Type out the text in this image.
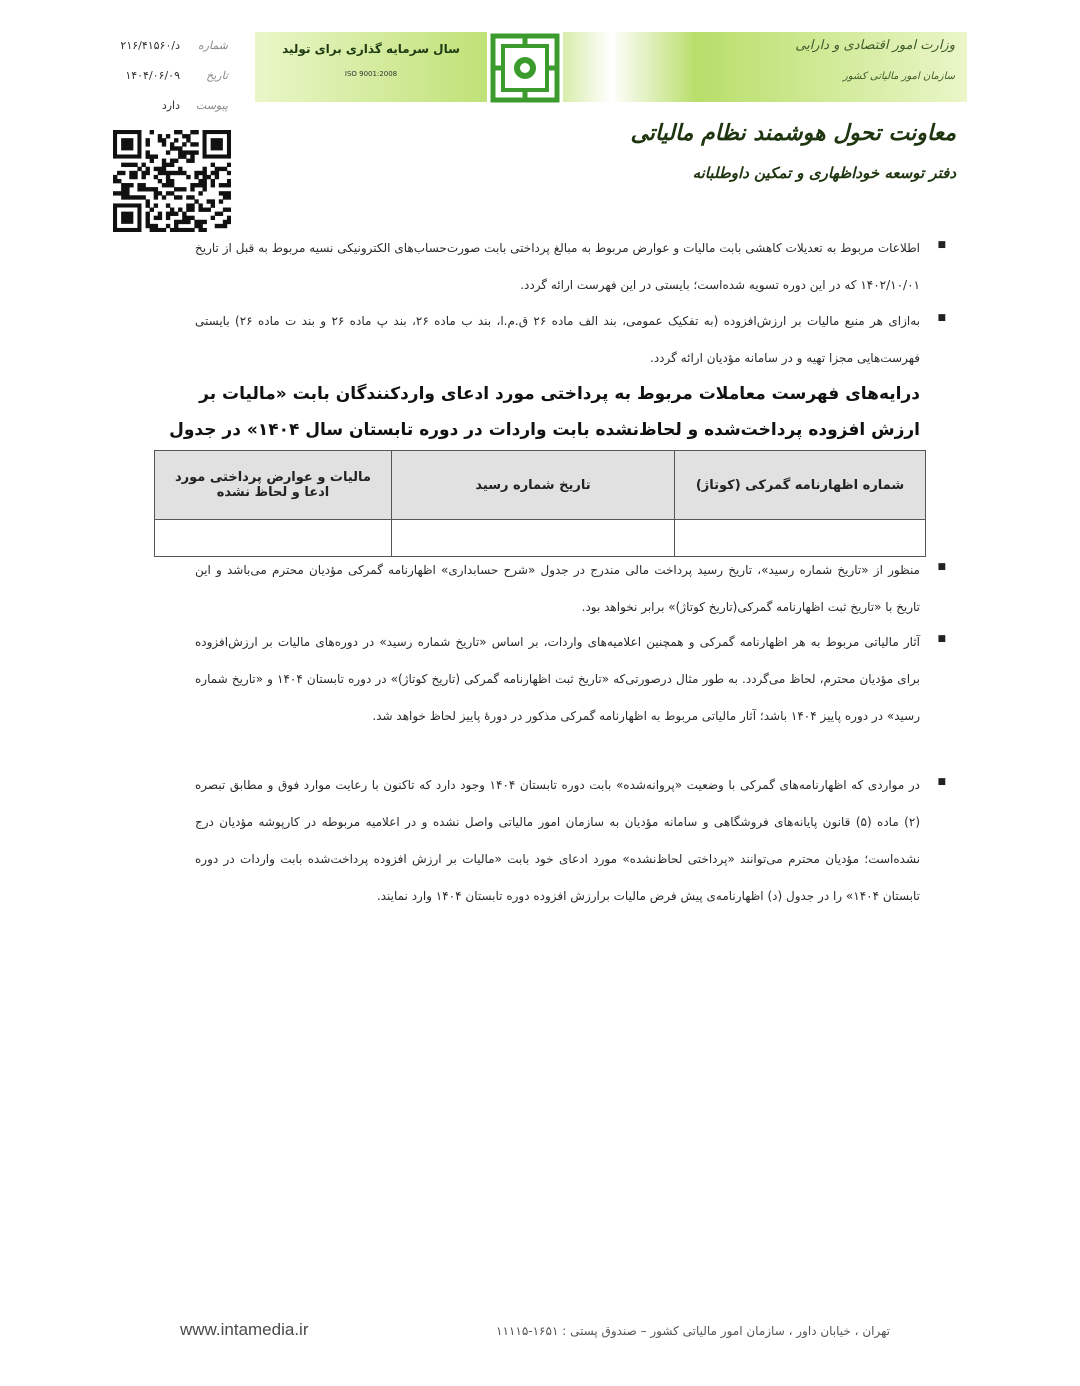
سال سرمایه گذاری برای تولید
ISO 9001:2008
وزارت امور اقتصادی و دارایی
سازمان امور مالیاتی کشور
شماره
د/۲۱۶/۴۱۵۶۰
تاریخ
۱۴۰۴/۰۶/۰۹
پیوست
دارد
معاونت تحول هوشمند نظام مالیاتی
دفتر توسعه خوداظهاری و تمکین داوطلبانه

■ اطلاعات مربوط به تعدیلات کاهشی بابت مالیات و عوارض مربوط به مبالغ پرداختی بابت صورت‌حساب‌های الکترونیکی نسیه مربوط به قبل از تاریخ ۱۴۰۲/۱۰/۰۱ که در این دوره تسویه شده‌است؛ بایستی در این فهرست ارائه گردد.

■ به‌ازای هر منبع مالیات بر ارزش‌افزوده (به تفکیک عمومی، بند الف ماده ۲۶ ق.م.ا، بند ب ماده ۲۶، بند پ ماده ۲۶ و بند ت ماده ۲۶) بایستی فهرست‌هایی مجزا تهیه و در سامانه مؤدیان ارائه گردد.

درایه‌های فهرست معاملات مربوط به پرداختی مورد ادعای واردکنندگان بابت «مالیات بر ارزش افزوده پرداخت‌شده و لحاظ‌نشده بابت واردات در دوره تابستان سال ۱۴۰۴» در جدول

شماره اظهارنامه گمرکی (کوتاژ)	تاریخ شماره رسید	مالیات و عوارض پرداختی مورد ادعا و لحاظ نشده

■ منظور از «تاریخ شماره رسید»، تاریخ رسید پرداخت مالی مندرج در جدول «شرح حسابداری» اظهارنامه گمرکی مؤدیان محترم می‌باشد و این تاریخ با «تاریخ ثبت اظهارنامه گمرکی(تاریخ کوتاژ)» برابر نخواهد بود.

■ آثار مالیاتی مربوط به هر اظهارنامه گمرکی و همچنین اعلامیه‌های واردات، بر اساس «تاریخ شماره رسید» در دوره‌های مالیات بر ارزش‌افزوده برای مؤدیان محترم، لحاظ می‌گردد. به طور مثال درصورتی‌که «تاریخ ثبت اظهارنامه گمرکی (تاریخ کوتاژ)» در دوره تابستان ۱۴۰۴ و «تاریخ شماره رسید» در دوره پاییز ۱۴۰۴ باشد؛ آثار مالیاتی مربوط به اظهارنامه گمرکی مذکور در دورهٔ پاییز لحاظ خواهد شد.

■ در مواردی که اظهارنامه‌های گمرکی با وضعیت «پروانه‌شده» بابت دوره تابستان ۱۴۰۴ وجود دارد که تاکنون با رعایت موارد فوق و مطابق تبصره (۲) ماده (۵) قانون پایانه‌های فروشگاهی و سامانه مؤدیان به سازمان امور مالیاتی واصل نشده و در اعلامیه مربوطه در کارپوشه مؤدیان درج نشده‌است؛ مؤدیان محترم می‌توانند «پرداختی لحاظ‌نشده» مورد ادعای خود بابت «مالیات بر ارزش افزوده پرداخت‌شده بابت واردات در دوره تابستان ۱۴۰۴» را در جدول (د) اظهارنامه‌ی پیش فرض مالیات برارزش افزوده دوره تابستان ۱۴۰۴ وارد نمایند.

www.intamedia.ir	تهران ، خیابان داور ، سازمان امور مالیاتی کشور – صندوق پستی : ۱۶۵۱-۱۱۱۱۵
